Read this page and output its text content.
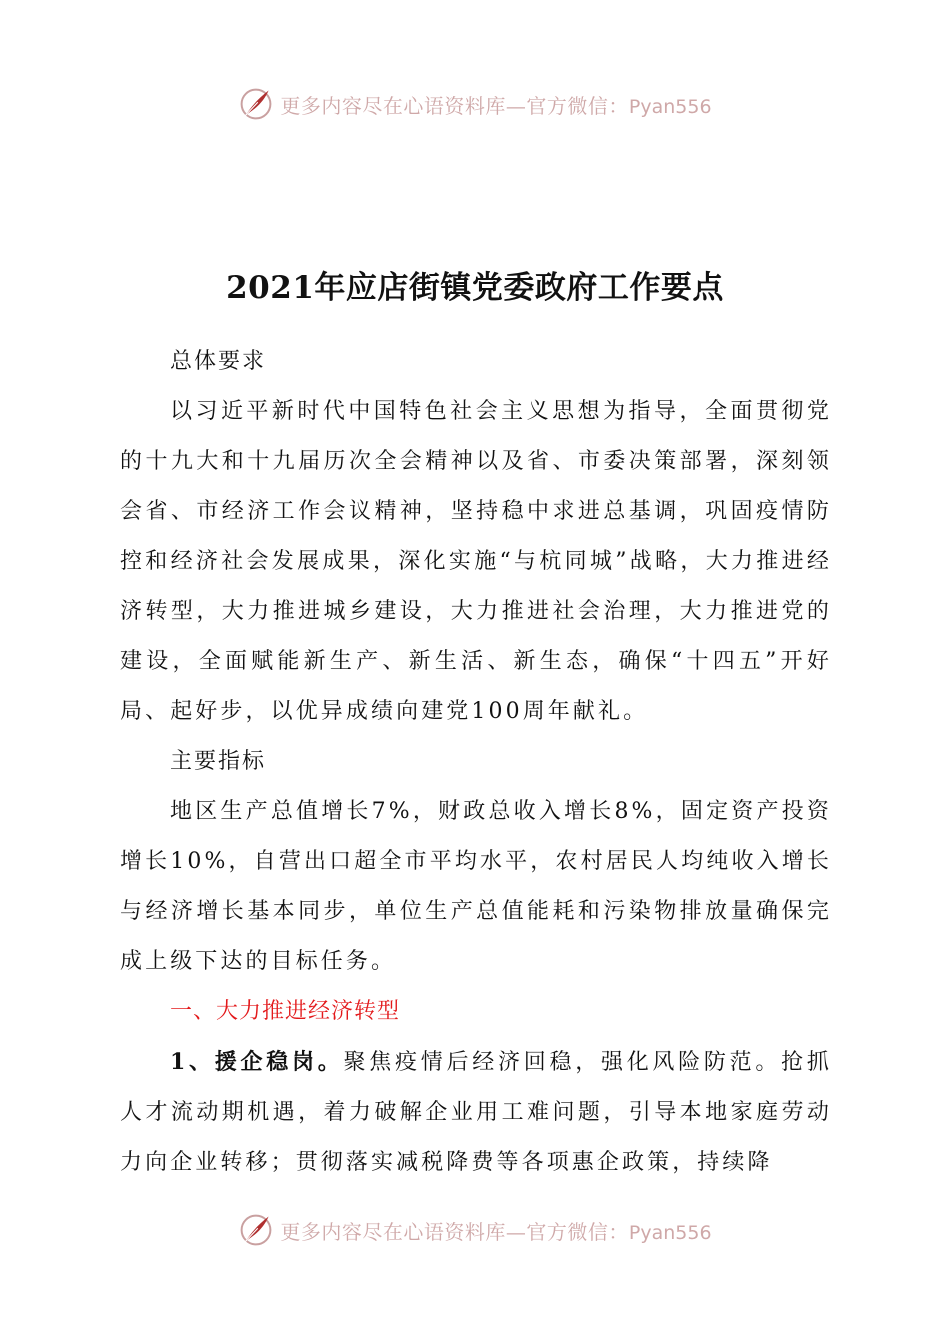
更多内容尽在心语资料库—官方微信：Pyan556
2021年应店街镇党委政府工作要点

总体要求

以习近平新时代中国特色社会主义思想为指导，全面贯彻党的十九大和十九届历次全会精神以及省、市委决策部署，深刻领会省、市经济工作会议精神，坚持稳中求进总基调，巩固疫情防控和经济社会发展成果，深化实施“与杭同城”战略，大力推进经济转型，大力推进城乡建设，大力推进社会治理，大力推进党的建设，全面赋能新生产、新生活、新生态，确保“十四五”开好局、起好步，以优异成绩向建党100周年献礼。

主要指标

地区生产总值增长7%，财政总收入增长8%，固定资产投资增长10%，自营出口超全市平均水平，农村居民人均纯收入增长与经济增长基本同步，单位生产总值能耗和污染物排放量确保完成上级下达的目标任务。

一、大力推进经济转型

1、援企稳岗。聚焦疫情后经济回稳，强化风险防范。抢抓人才流动期机遇，着力破解企业用工难问题，引导本地家庭劳动力向企业转移；贯彻落实减税降费等各项惠企政策，持续降

更多内容尽在心语资料库—官方微信：Pyan556
